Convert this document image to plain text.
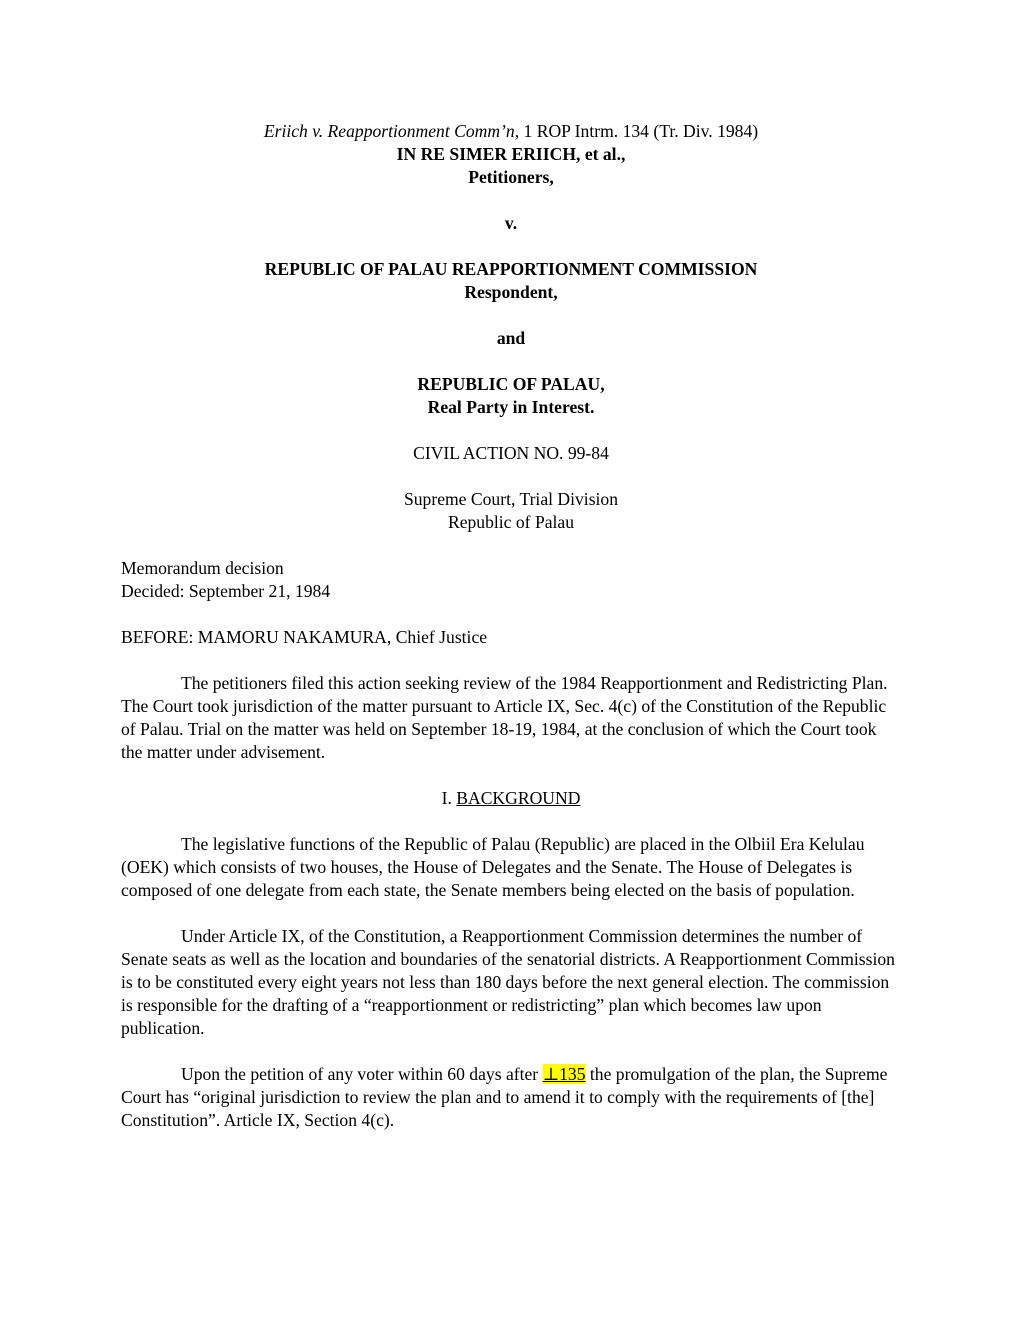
Eriich v. Reapportionment Comm’n, 1 ROP Intrm. 134 (Tr. Div. 1984)

IN RE SIMER ERIICH, et al.,

Petitioners,

v.

REPUBLIC OF PALAU REAPPORTIONMENT COMMISSION

Respondent,

and

REPUBLIC OF PALAU,

Real Party in Interest.

CIVIL ACTION NO. 99-84

Supreme Court, Trial Division

Republic of Palau

Memorandum decision

Decided: September 21, 1984

BEFORE: MAMORU NAKAMURA, Chief Justice

The petitioners filed this action seeking review of the 1984 Reapportionment and Redistricting Plan. The Court took jurisdiction of the matter pursuant to Article IX, Sec. 4(c) of the Constitution of the Republic of Palau. Trial on the matter was held on September 18-19, 1984, at the conclusion of which the Court took the matter under advisement.

I. BACKGROUND

The legislative functions of the Republic of Palau (Republic) are placed in the Olbiil Era Kelulau (OEK) which consists of two houses, the House of Delegates and the Senate. The House of Delegates is composed of one delegate from each state, the Senate members being elected on the basis of population.

Under Article IX, of the Constitution, a Reapportionment Commission determines the number of Senate seats as well as the location and boundaries of the senatorial districts. A Reapportionment Commission is to be constituted every eight years not less than 180 days before the next general election. The commission is responsible for the drafting of a “reapportionment or redistricting” plan which becomes law upon publication.

Upon the petition of any voter within 60 days after ⊥135 the promulgation of the plan, the Supreme Court has “original jurisdiction to review the plan and to amend it to comply with the requirements of [the] Constitution”. Article IX, Section 4(c).
